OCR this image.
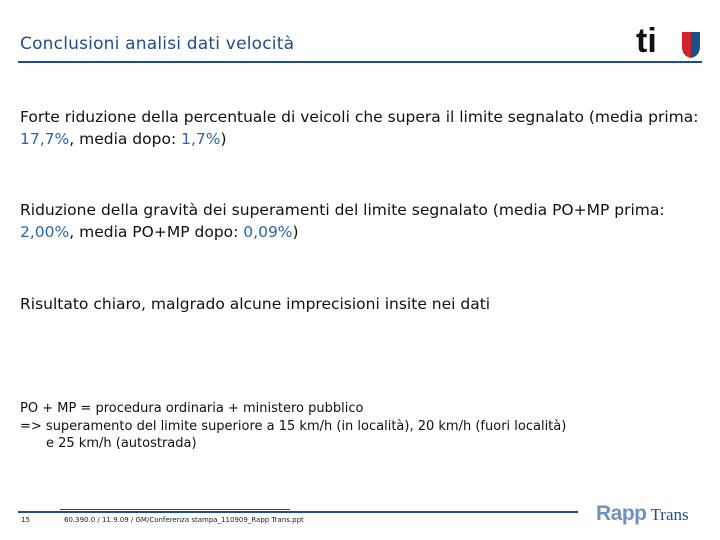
Conclusioni analisi dati velocità	ti
Forte riduzione della percentuale di veicoli che supera il limite segnalato (media prima: 17,7%, media dopo: 1,7%)
Riduzione della gravità dei superamenti del limite segnalato (media PO+MP prima: 2,00%, media PO+MP dopo: 0,09%)
Risultato chiaro, malgrado alcune imprecisioni insite nei dati
PO + MP = procedura ordinaria + ministero pubblico
=> superamento del limite superiore a 15 km/h (in località), 20 km/h (fuori località)
e 25 km/h (autostrada)
15	60.390.0 / 11.9.09 / GM/Conferenza stampa_110909_Rapp Trans.ppt	Rapp Trans
